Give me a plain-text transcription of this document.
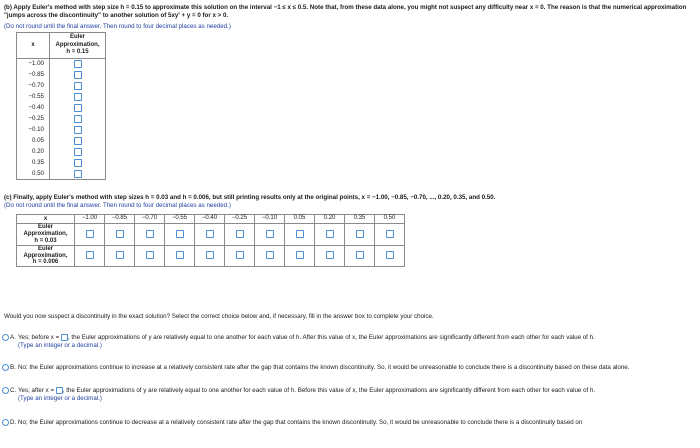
(b) Apply Euler's method with step size h = 0.15 to approximate this solution on the interval −1 ≤ x ≤ 0.5. Note that, from these data alone, you might not suspect any difficulty near x = 0. The reason is that the numerical approximation "jumps across the discontinuity" to another solution of 5xy' + y = 0 for x > 0.
(Do not round until the final answer. Then round to four decimal places as needed.)
x	Euler
Approximation,
h = 0.15

−1.00	
−0.85	
−0.70	
−0.55	
−0.40	
−0.25	
−0.10	
0.05	
0.20	
0.35	
0.50	
(c) Finally, apply Euler's method with step sizes h = 0.03 and h = 0.006, but still printing results only at the original points, x = −1.00, −0.85, −0.70, ..., 0.20, 0.35, and 0.50.
(Do not round until the final answer. Then round to four decimal places as needed.)
x	−1.00	−0.85	−0.70	−0.55	−0.40	−0.25	−0.10	0.05	0.20	0.35	0.50

Euler
Approximation,
h = 0.03											

Euler
Approximation,
h = 0.006											

Would you now suspect a discontinuity in the exact solution? Select the correct choice below and, if necessary, fill in the answer box to complete your choice.
A. Yes; before x = , the Euler approximations of y are relatively equal to one another for each value of h. After this value of x, the Euler approximations are significantly different from each other for each value of h.
(Type an integer or a decimal.)
B. No; the Euler approximations continue to increase at a relatively consistent rate after the gap that contains the known discontinuity. So, it would be unreasonable to conclude there is a discontinuity based on these data alone.
C. Yes; after x = , the Euler approximations of y are relatively equal to one another for each value of h. Before this value of x, the Euler approximations are significantly different from each other for each value of h.
(Type an integer or a decimal.)
D. No; the Euler approximations continue to decrease at a relatively consistent rate after the gap that contains the known discontinuity. So, it would be unreasonable to conclude there is a discontinuity based on
